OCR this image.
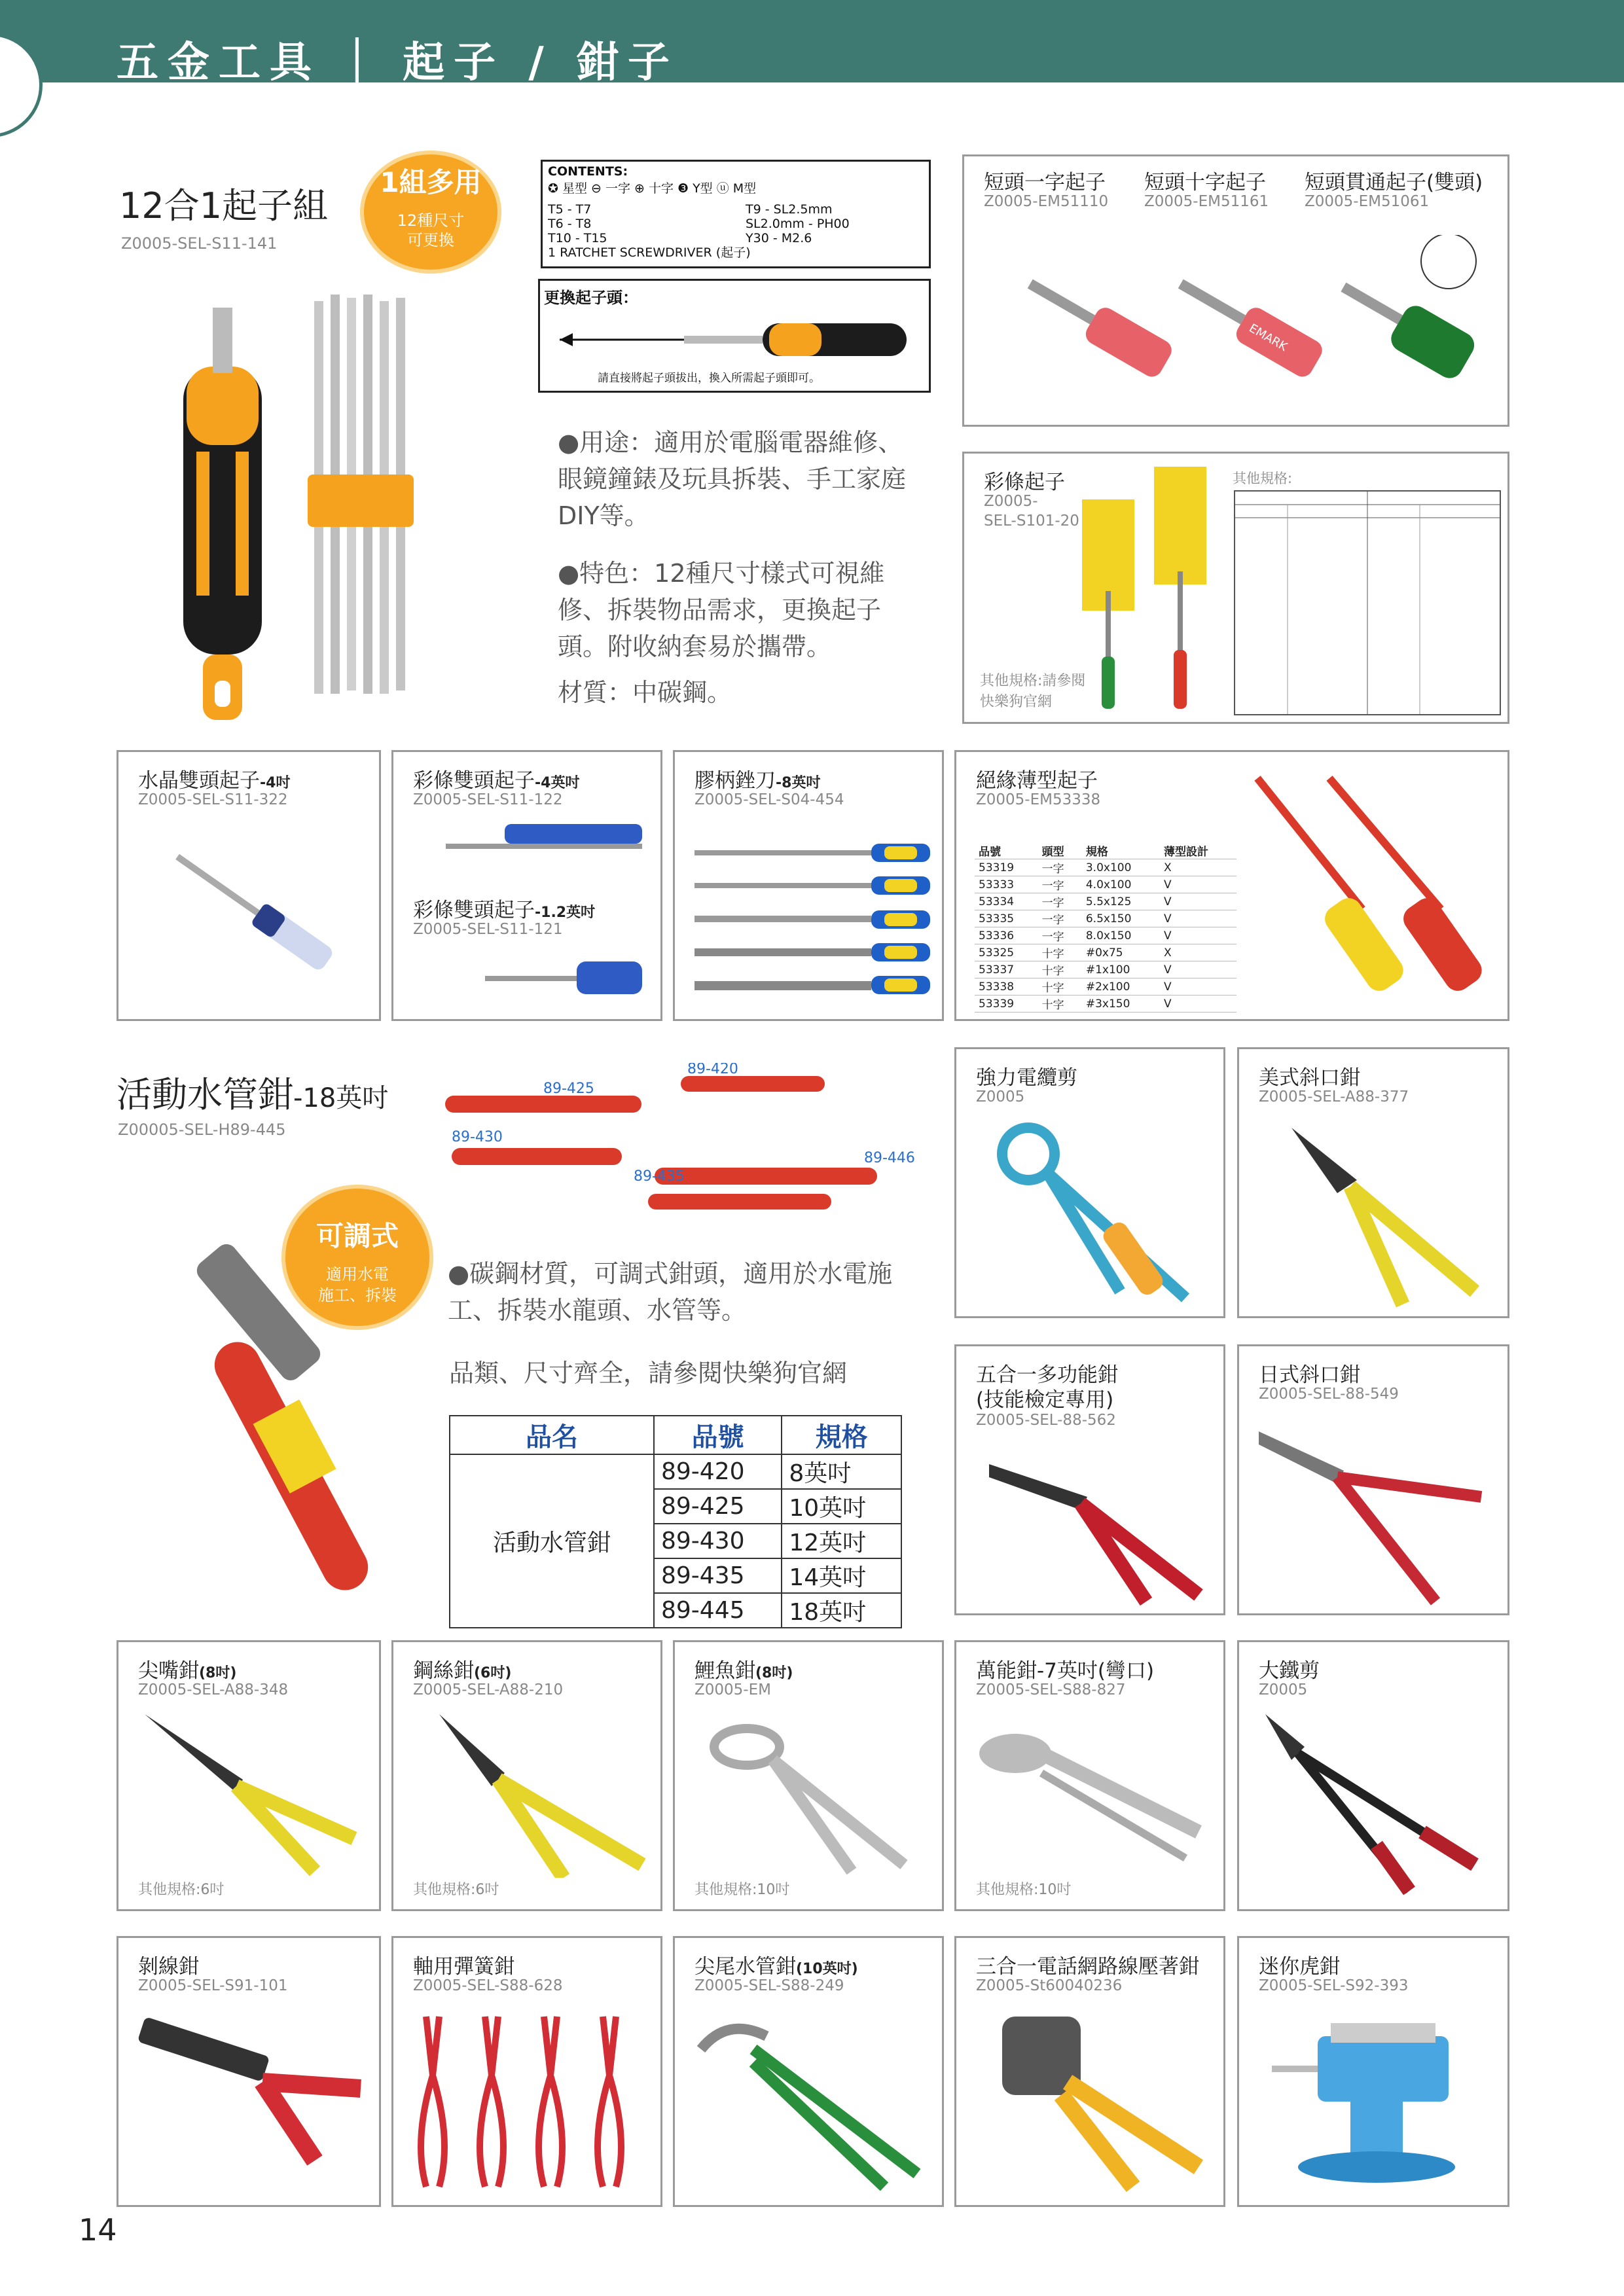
五金工具 │ 起子 / 鉗子
12合1起子組
Z0005-SEL-S11-141
1組多用
12種尺寸
可更換
CONTENTS:
✪ 星型 ⊖ 一字 ⊕ 十字 ❸ Y型 ⓤ M型
T5 - T7
T6 - T8
T10 - T15
1 RATCHET SCREWDRIVER (起子)
T9 - SL2.5mm
SL2.0mm - PH00
Y30 - M2.6
更換起子頭：
請直接將起子頭拔出，換入所需起子頭即可。
●用途：適用於電腦電器維修、眼鏡鐘錶及玩具拆裝、手工家庭DIY等。
●特色：12種尺寸樣式可視維修、拆裝物品需求，更換起子頭。附收納套易於攜帶。
材質：中碳鋼。
短頭一字起子
Z0005-EM51110
短頭十字起子
Z0005-EM51161
短頭貫通起子(雙頭)
Z0005-EM51061
EMARK
彩條起子
Z0005-
SEL-S101-20
其他規格:請參閱
快樂狗官網
其他規格:
水晶雙頭起子-4吋
Z0005-SEL-S11-322
彩條雙頭起子-4英吋
Z0005-SEL-S11-122
彩條雙頭起子-1.2英吋
Z0005-SEL-S11-121
膠柄銼刀-8英吋
Z0005-SEL-S04-454
絕緣薄型起子
Z0005-EM53338
品號	頭型	規格	薄型設計
53319	一字	3.0x100	X
53333	一字	4.0x100	V
53334	一字	5.5x125	V
53335	一字	6.5x150	V
53336	一字	8.0x150	V
53325	十字	#0x75	X
53337	十字	#1x100	V
53338	十字	#2x100	V
53339	十字	#3x150	V
活動水管鉗-18英吋
Z00005-SEL-H89-445
89-425
89-420
89-430
89-435
89-446
可調式
適用水電
施工、拆裝
●碳鋼材質，可調式鉗頭，適用於水電施工、拆裝水龍頭、水管等。
品類、尺寸齊全，請參閱快樂狗官網
品名	品號	規格
活動水管鉗	89-420	8英吋
	89-425	10英吋
	89-430	12英吋
	89-435	14英吋
	89-445	18英吋
強力電纜剪
Z0005
美式斜口鉗
Z0005-SEL-A88-377
五合一多功能鉗
(技能檢定專用)
Z0005-SEL-88-562
日式斜口鉗
Z0005-SEL-88-549
尖嘴鉗(8吋)
Z0005-SEL-A88-348
其他規格:6吋
鋼絲鉗(6吋)
Z0005-SEL-A88-210
其他規格:6吋
鯉魚鉗(8吋)
Z0005-EM
其他規格:10吋
萬能鉗-7英吋(彎口)
Z0005-SEL-S88-827
其他規格:10吋
大鐵剪
Z0005
剝線鉗
Z0005-SEL-S91-101
軸用彈簧鉗
Z0005-SEL-S88-628
尖尾水管鉗(10英吋)
Z0005-SEL-S88-249
三合一電話網路線壓著鉗
Z0005-St60040236
迷你虎鉗
Z0005-SEL-S92-393
14
